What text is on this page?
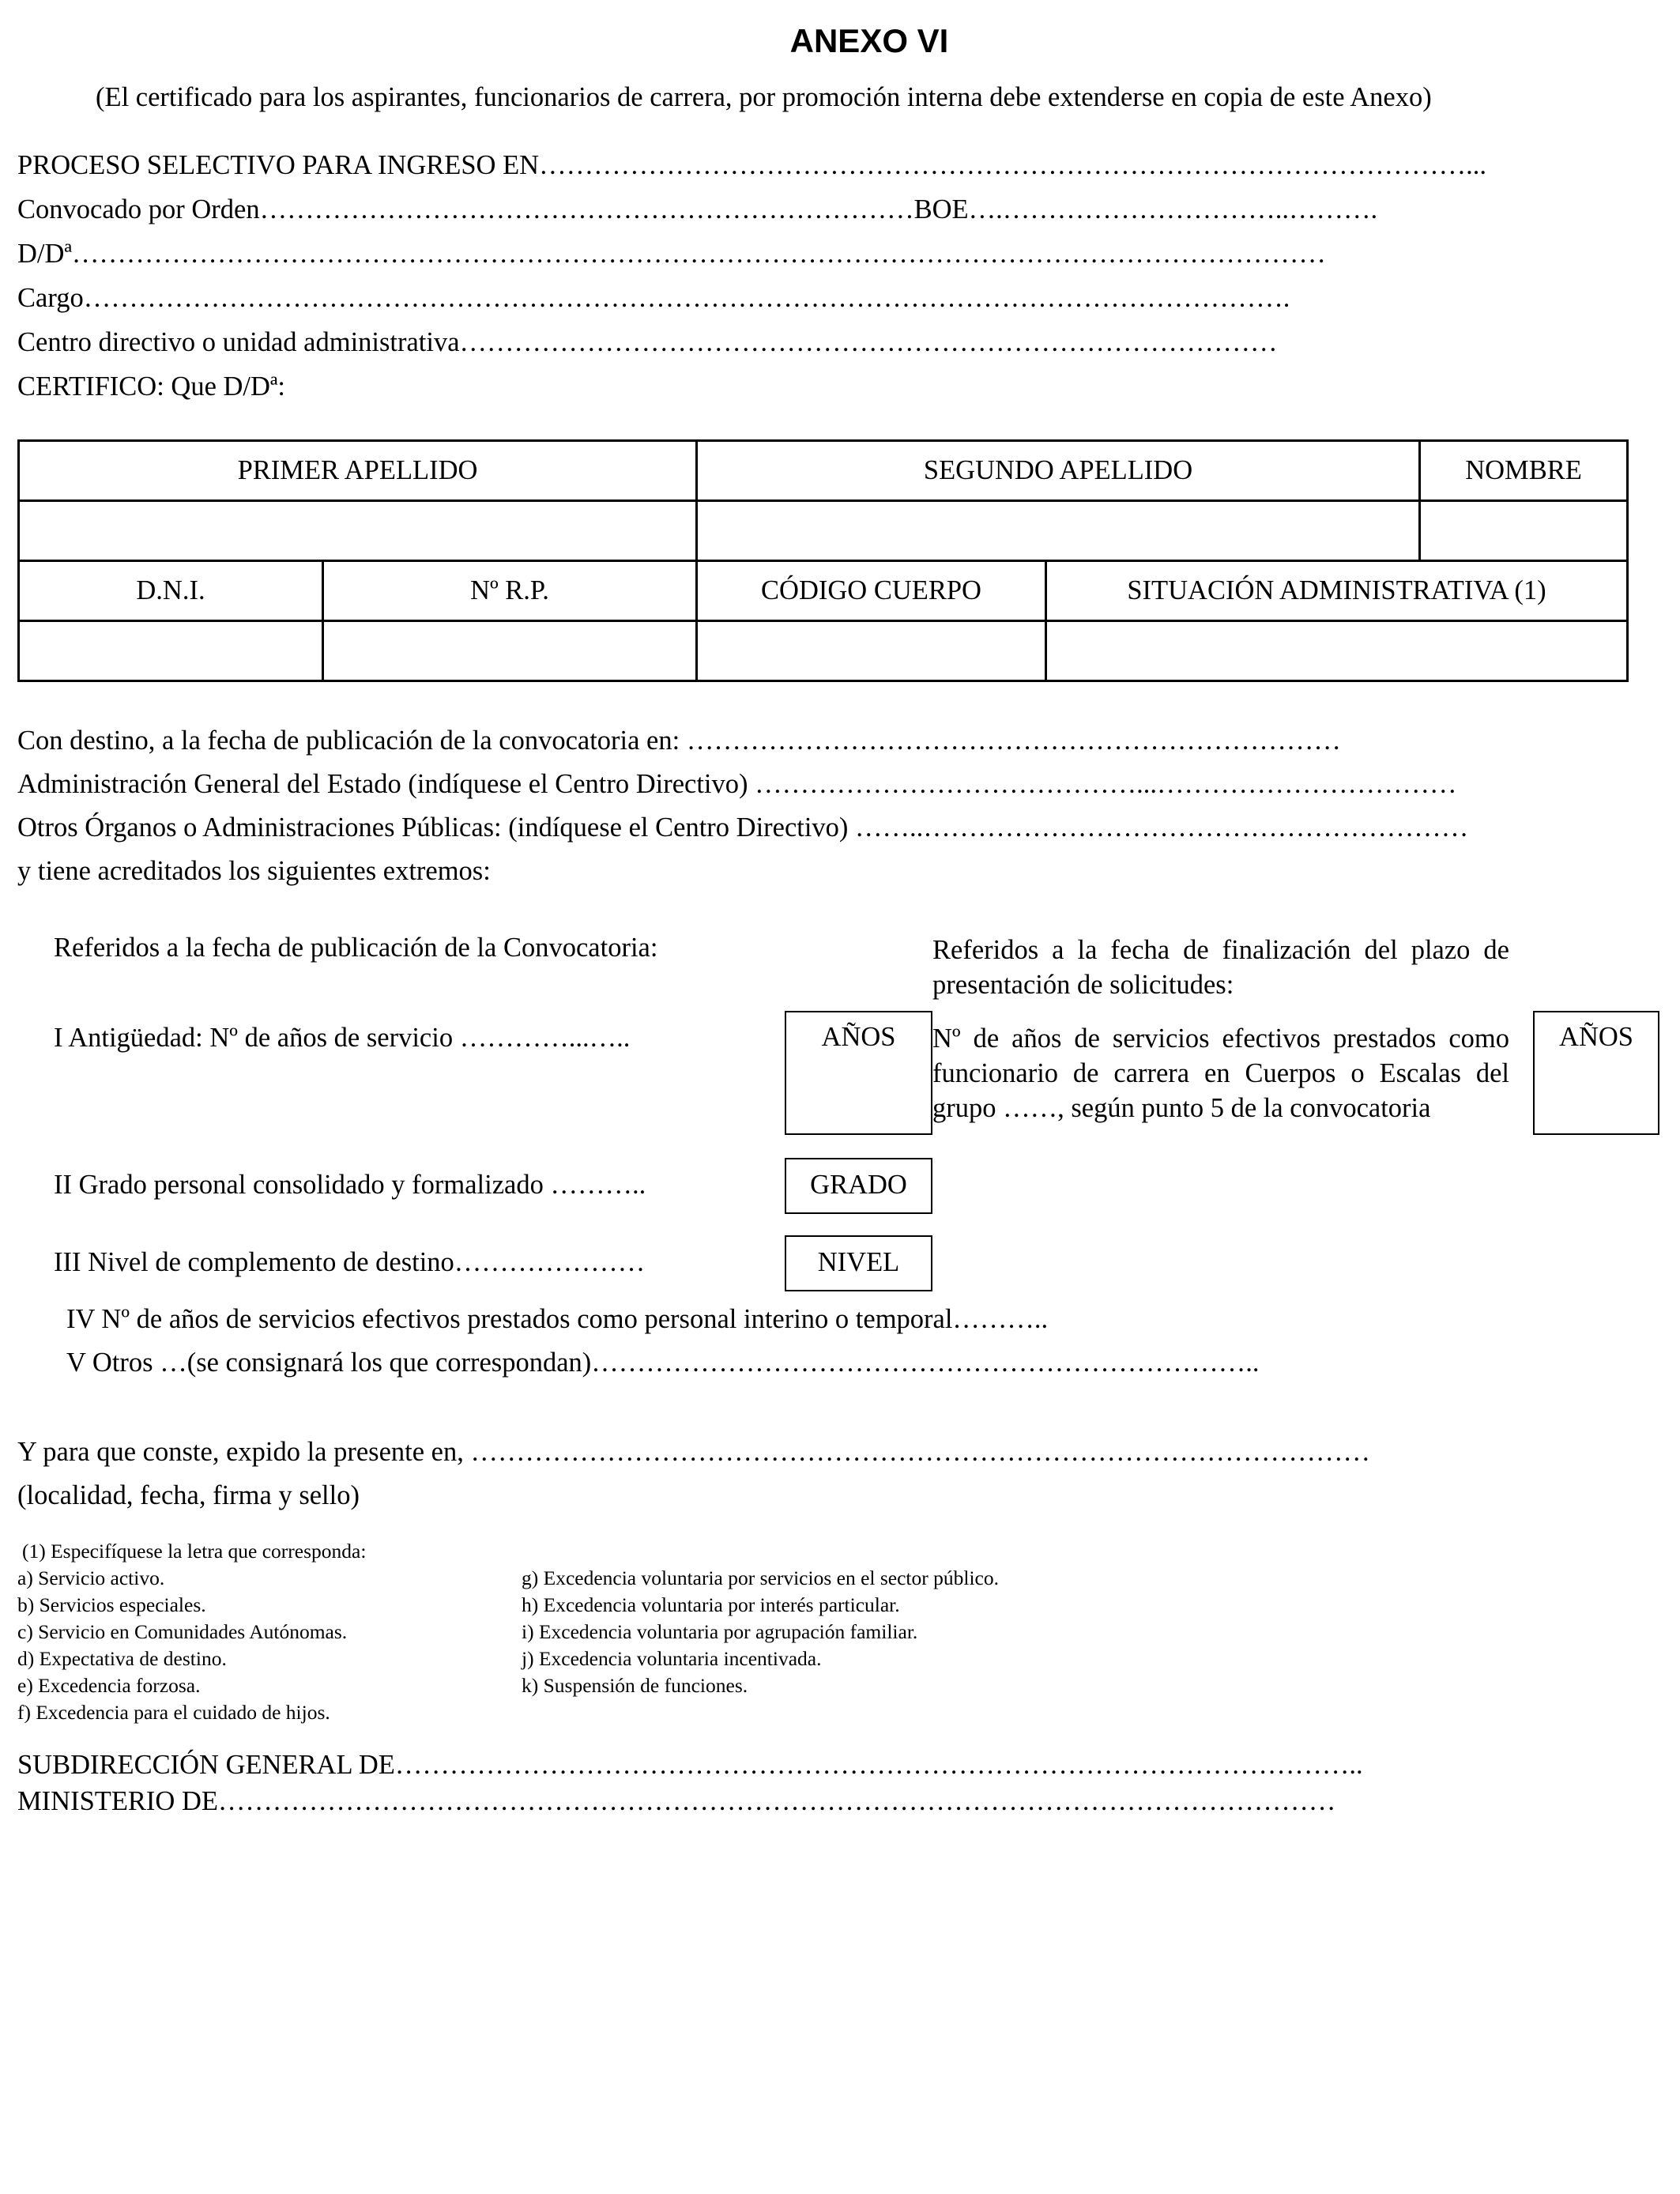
ANEXO VI
(El certificado para los aspirantes, funcionarios de carrera, por promoción interna debe extenderse en copia de este Anexo)
PROCESO SELECTIVO PARA INGRESO EN…………………………………………………………………………………………...
Convocado por Orden………………………………………………………………BOE….…………………………..……….
D/Dª…………………………………………………………………………………………………………………………
Cargo…………………………………………………………………………………………………………………….
Centro directivo o unidad administrativa………………………………………………………………………………
CERTIFICO: Que D/Dª:
PRIMER APELLIDO		SEGUNDO APELLIDO		NOMBRE

D.N.I.	Nº R.P.	CÓDIGO CUERPO	SITUACIÓN ADMINISTRATIVA (1)	

Con destino, a la fecha de publicación de la convocatoria en: ………………………………………………………………
Administración General del Estado (indíquese el Centro Directivo) ……………………………………...……………………………
Otros Órganos o Administraciones Públicas: (indíquese el Centro Directivo) ……..……………………………………………………
y tiene acreditados los siguientes extremos:
Referidos a la fecha de publicación de la Convocatoria:	Referidos a la fecha de finalización del plazo de presentación de solicitudes:
I Antigüedad: Nº de años de servicio …………...…..	AÑOS	Nº de años de servicios efectivos prestados como funcionario de carrera en Cuerpos o Escalas del grupo ……, según punto 5 de la convocatoria
AÑOS
II Grado personal consolidado y formalizado ………..	GRADO
III Nivel de complemento de destino…………………	NIVEL
IV Nº de años de servicios efectivos prestados como personal interino o temporal………..
V Otros …(se consignará los que correspondan)………………………………………………………………..
Y para que conste, expido la presente en, ………………………………………………………………………………………
(localidad, fecha, firma y sello)
(1) Especifíquese la letra que corresponda:
a) Servicio activo.
b) Servicios especiales.
c) Servicio en Comunidades Autónomas.
d) Expectativa de destino.
e) Excedencia forzosa.
f) Excedencia para el cuidado de hijos.
g) Excedencia voluntaria por servicios en el sector público.
h) Excedencia voluntaria por interés particular.
i) Excedencia voluntaria por agrupación familiar.
j) Excedencia voluntaria incentivada.
k) Suspensión de funciones.
SUBDIRECCIÓN GENERAL DE……………………………………………………………………………………………..
MINISTERIO DE……………………………………………………………………………………………………………
